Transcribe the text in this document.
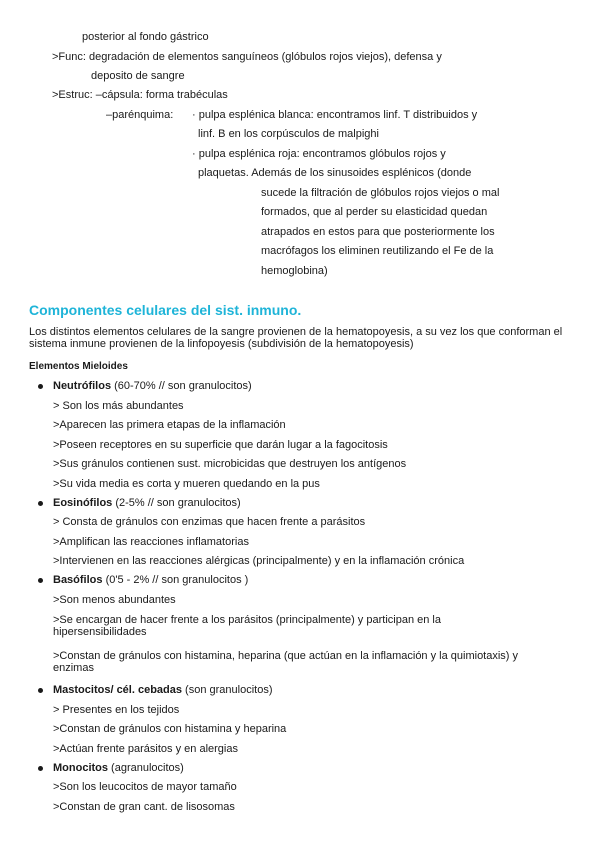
posterior al fondo gástrico
>Func: degradación de elementos sanguíneos (glóbulos rojos viejos), defensa y
deposito de sangre
>Estruc: –cápsula: forma trabéculas
–parénquima: · pulpa esplénica blanca: encontramos linf. T distribuidos y
linf. B en los corpúsculos de malpighi
· pulpa esplénica roja: encontramos glóbulos rojos y
plaquetas. Además de los sinusoides esplénicos (donde
sucede la filtración de glóbulos rojos viejos o mal
formados, que al perder su elasticidad quedan
atrapados en estos para que posteriormente los
macrófagos los eliminen reutilizando el Fe de la
hemoglobina)
Componentes celulares del sist. inmuno.
Los distintos elementos celulares de la sangre provienen de la hematopoyesis, a su vez los que conforman el sistema inmune provienen de la linfopoyesis (subdivisión de la hematopoyesis)
Elementos Mieloides
Neutrófilos (60-70% // son granulocitos)
> Son los más abundantes
>Aparecen las primera etapas de la inflamación
>Poseen receptores en su superficie que darán lugar a la fagocitosis
>Sus gránulos contienen sust. microbicidas que destruyen los antígenos
>Su vida media es corta y mueren quedando en la pus
Eosinófilos (2-5% // son granulocitos)
> Consta de gránulos con enzimas que hacen frente a parásitos
>Amplifican las reacciones inflamatorias
>Intervienen en las reacciones alérgicas (principalmente) y en la inflamación crónica
Basófilos (0'5 - 2% // son granulocitos )
>Son menos abundantes
>Se encargan de hacer frente a los parásitos (principalmente) y participan en la hipersensibilidades
>Constan de gránulos con histamina, heparina (que actúan en la inflamación y la quimiotaxis) y enzimas
Mastocitos/ cél. cebadas (son granulocitos)
> Presentes en los tejidos
>Constan de gránulos con histamina y heparina
>Actúan frente parásitos y en alergias
Monocitos (agranulocitos)
>Son los leucocitos de mayor tamaño
>Constan de gran cant. de lisosomas
